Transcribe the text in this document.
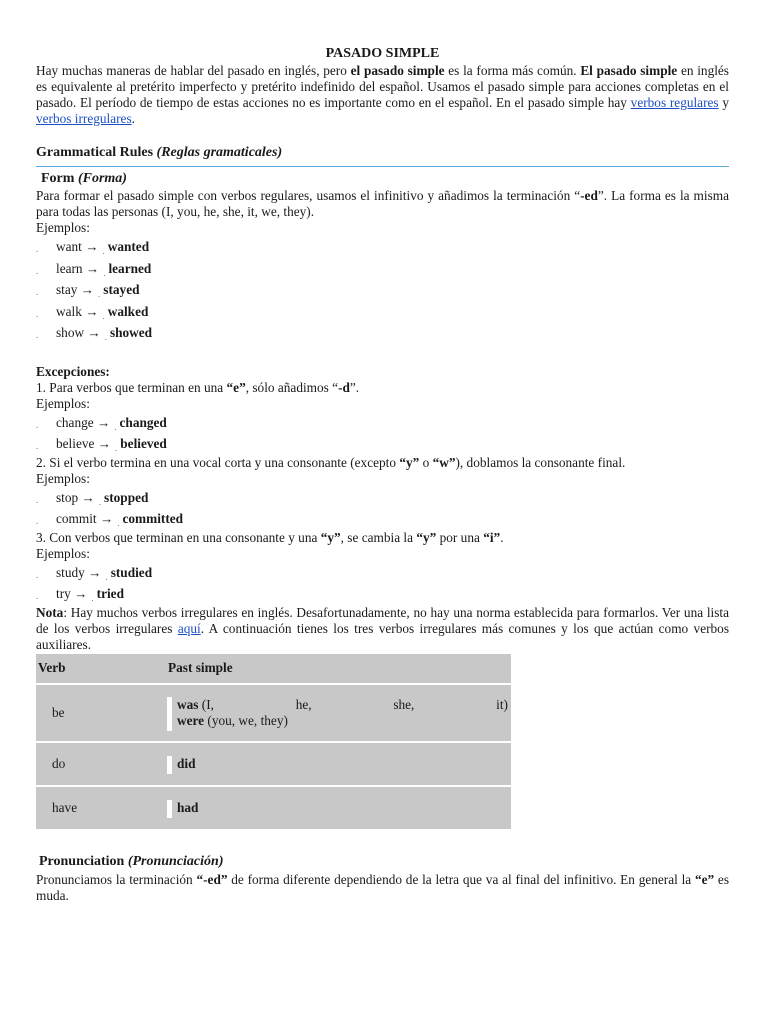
PASADO SIMPLE

Hay muchas maneras de hablar del pasado en inglés, pero el pasado simple es la forma más común. El pasado simple en inglés es equivalente al pretérito imperfecto y pretérito indefinido del español. Usamos el pasado simple para acciones completas en el pasado. El período de tiempo de estas acciones no es importante como en el español. En el pasado simple hay verbos regulares y verbos irregulares.

Grammatical Rules (Reglas gramaticales)
Form (Forma)

Para formar el pasado simple con verbos regulares, usamos el infinitivo y añadimos la terminación “-ed”. La forma es la misma para todas las personas (I, you, he, she, it, we, they).

Ejemplos:
. want → $_.$ wanted
. learn → $_.$ learned
. stay → $_.$ stayed
. walk → $_.$ walked
. show → $_.$ showed
Excepciones:

1. Para verbos que terminan en una “e”, sólo añadimos “-d”.

Ejemplos:
. change → $_.$ changed
. believe → $_.$ believed

2. Si el verbo termina en una vocal corta y una consonante (excepto “y” o “w”), doblamos la consonante final.

Ejemplos:
. stop → $_.$ stopped
. commit → $_.$ committed

3. Con verbos que terminan en una consonante y una “y”, se cambia la “y” por una “i”.

Ejemplos:
. study → $_.$ studied
. try → $_.$ tried

Nota: Hay muchos verbos irregulares en inglés. Desafortunadamente, no hay una norma establecida para formarlos. Ver una lista de los verbos irregulares aquí. A continuación tienes los tres verbos irregulares más comunes y los que actúan como verbos auxiliares.

Verb	Past simple
be	was (I, he, she, it)
were (you, we, they)

do	did
have	had
Pronunciation (Pronunciación)

Pronunciamos la terminación “-ed” de forma diferente dependiendo de la letra que va al final del infinitivo. En general la “e” es muda.
